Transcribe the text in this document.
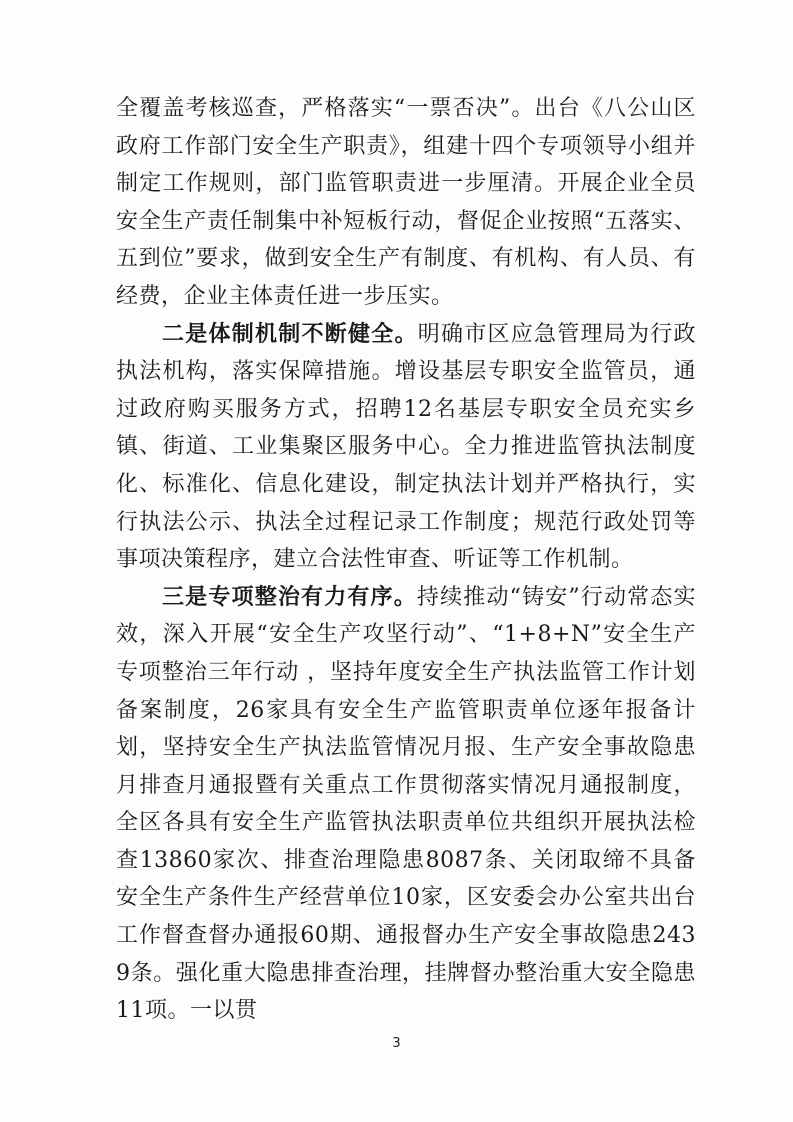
全覆盖考核巡查，严格落实“一票否决”。出台《八公山区政府工作部门安全生产职责》，组建十四个专项领导小组并制定工作规则，部门监管职责进一步厘清。开展企业全员安全生产责任制集中补短板行动，督促企业按照“五落实、五到位”要求，做到安全生产有制度、有机构、有人员、有经费，企业主体责任进一步压实。

二是体制机制不断健全。明确市区应急管理局为行政执法机构，落实保障措施。增设基层专职安全监管员，通过政府购买服务方式，招聘12名基层专职安全员充实乡镇、街道、工业集聚区服务中心。全力推进监管执法制度化、标准化、信息化建设，制定执法计划并严格执行，实行执法公示、执法全过程记录工作制度；规范行政处罚等事项决策程序，建立合法性审查、听证等工作机制。

三是专项整治有力有序。持续推动“铸安”行动常态实效，深入开展“安全生产攻坚行动”、“1+8+N”安全生产专项整治三年行动 ，坚持年度安全生产执法监管工作计划备案制度，26家具有安全生产监管职责单位逐年报备计划，坚持安全生产执法监管情况月报、生产安全事故隐患月排查月通报暨有关重点工作贯彻落实情况月通报制度，全区各具有安全生产监管执法职责单位共组织开展执法检查13860家次、排查治理隐患8087条、关闭取缔不具备安全生产条件生产经营单位10家，区安委会办公室共出台工作督查督办通报60期、通报督办生产安全事故隐患2439条。强化重大隐患排查治理，挂牌督办整治重大安全隐患11项。一以贯

3
